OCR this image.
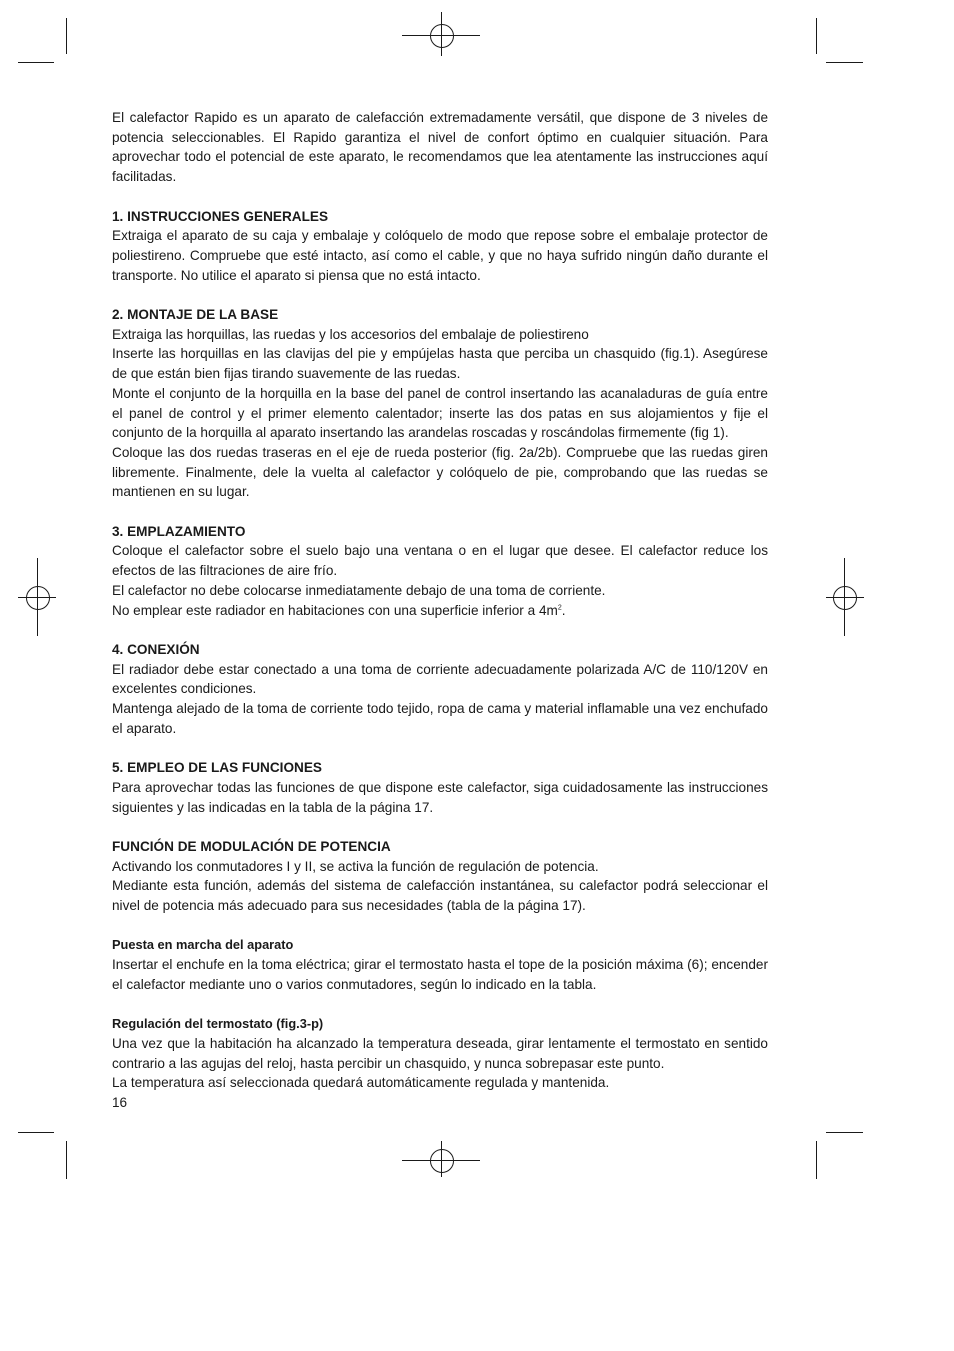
El calefactor Rapido es un aparato de calefacción extremadamente versátil, que dispone de 3 niveles de potencia seleccionables. El Rapido garantiza el nivel de confort óptimo en cualquier situación. Para aprovechar todo el potencial de este aparato, le recomendamos que lea atentamente las instrucciones aquí facilitadas.

1. INSTRUCCIONES GENERALES

Extraiga el aparato de su caja y embalaje y colóquelo de modo que repose sobre el embalaje protector de poliestireno. Compruebe que esté intacto, así como el cable, y que no haya sufrido ningún daño durante el transporte. No utilice el aparato si piensa que no está intacto.

2. MONTAJE DE LA BASE

Extraiga las horquillas, las ruedas y los accesorios del embalaje de poliestireno

Inserte las horquillas en las clavijas del pie y empújelas hasta que perciba un chasquido (fig.1). Asegúrese de que están bien fijas tirando suavemente de las ruedas.

Monte el conjunto de la horquilla en la base del panel de control insertando las acanaladuras de guía entre el panel de control y el primer elemento calentador; inserte las dos patas en sus alojamientos y fije el conjunto de la horquilla al aparato insertando las arandelas roscadas y roscándolas firmemente (fig 1).

Coloque las dos ruedas traseras en el eje de rueda posterior (fig. 2a/2b). Compruebe que las ruedas giren libremente. Finalmente, dele la vuelta al calefactor y colóquelo de pie, comprobando que las ruedas se mantienen en su lugar.

3. EMPLAZAMIENTO

Coloque el calefactor sobre el suelo bajo una ventana o en el lugar que desee. El calefactor reduce los efectos de las filtraciones de aire frío.

El calefactor no debe colocarse inmediatamente debajo de una toma de corriente.

No emplear este radiador en habitaciones con una superficie inferior a $4m^2$.

4. CONEXIÓN

El radiador debe estar conectado a una toma de corriente adecuadamente polarizada A/C de 110/120V en excelentes condiciones.

Mantenga alejado de la toma de corriente todo tejido, ropa de cama y material inflamable una vez enchufado el aparato.

5. EMPLEO DE LAS FUNCIONES

Para aprovechar todas las funciones de que dispone este calefactor, siga cuidadosamente las instrucciones siguientes y las indicadas en la tabla de la página 17.

FUNCIÓN DE MODULACIÓN DE POTENCIA

Activando los conmutadores I y II, se activa la función de regulación de potencia.

Mediante esta función, además del sistema de calefacción instantánea, su calefactor podrá seleccionar el nivel de potencia más adecuado para sus necesidades (tabla de la página 17).

Puesta en marcha del aparato

Insertar el enchufe en la toma eléctrica; girar el termostato hasta el tope de la posición máxima (6); encender el calefactor mediante uno o varios conmutadores, según lo indicado en la tabla.

Regulación del termostato (fig.3-p)

Una vez que la habitación ha alcanzado la temperatura deseada, girar lentamente el termostato en sentido contrario a las agujas del reloj, hasta percibir un chasquido, y nunca sobrepasar este punto.

La temperatura así seleccionada quedará automáticamente regulada y mantenida.

16
